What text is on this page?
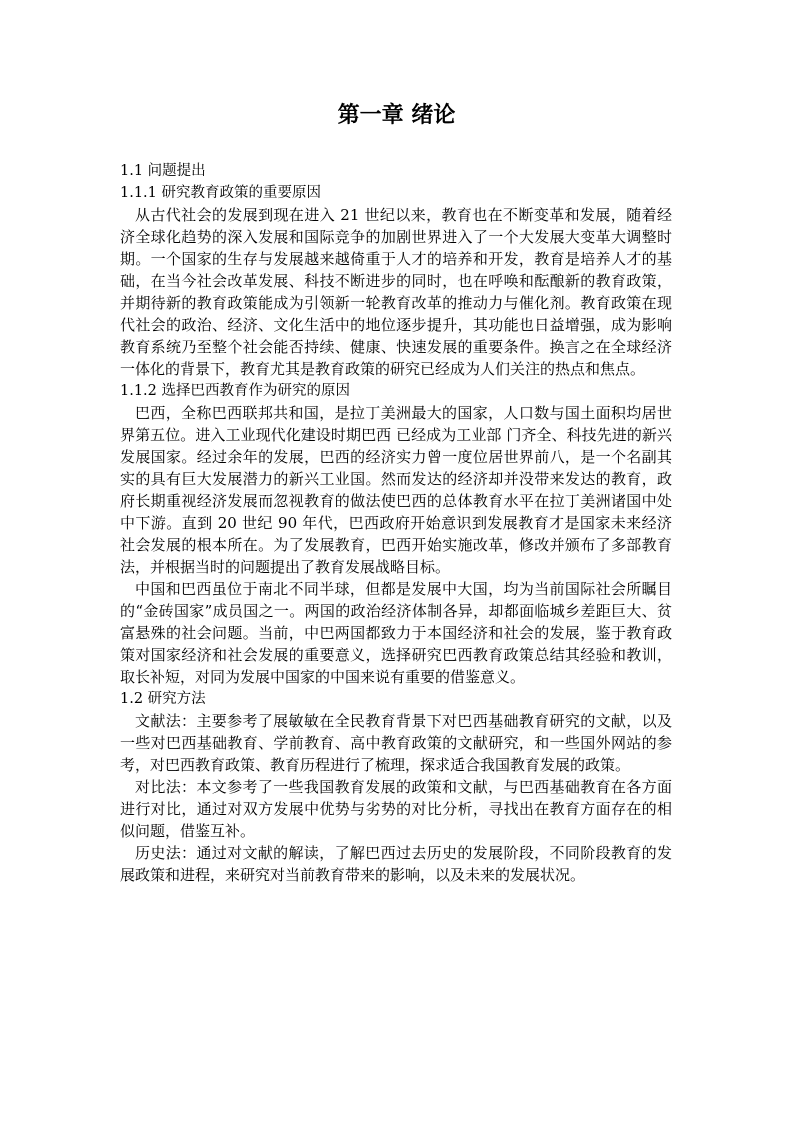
第一章 绪论

1.1 问题提出

1.1.1 研究教育政策的重要原因

从古代社会的发展到现在进入 21 世纪以来，教育也在不断变革和发展，随着经济全球化趋势的深入发展和国际竞争的加剧世界进入了一个大发展大变革大调整时期。一个国家的生存与发展越来越倚重于人才的培养和开发，教育是培养人才的基础，在当今社会改革发展、科技不断进步的同时，也在呼唤和酝酿新的教育政策，并期待新的教育政策能成为引领新一轮教育改革的推动力与催化剂。教育政策在现代社会的政治、经济、文化生活中的地位逐步提升，其功能也日益增强，成为影响教育系统乃至整个社会能否持续、健康、快速发展的重要条件。换言之在全球经济一体化的背景下，教育尤其是教育政策的研究已经成为人们关注的热点和焦点。

1.1.2 选择巴西教育作为研究的原因

巴西，全称巴西联邦共和国，是拉丁美洲最大的国家，人口数与国土面积均居世界第五位。进入工业现代化建设时期巴西 已经成为工业部 门齐全、科技先进的新兴发展国家。经过余年的发展，巴西的经济实力曾一度位居世界前八，是一个名副其实的具有巨大发展潜力的新兴工业国。然而发达的经济却并没带来发达的教育，政府长期重视经济发展而忽视教育的做法使巴西的总体教育水平在拉丁美洲诸国中处中下游。直到 20 世纪 90 年代，巴西政府开始意识到发展教育才是国家未来经济社会发展的根本所在。为了发展教育，巴西开始实施改革，修改并颁布了多部教育法，并根据当时的问题提出了教育发展战略目标。

中国和巴西虽位于南北不同半球，但都是发展中大国，均为当前国际社会所瞩目的“金砖国家”成员国之一。两国的政治经济体制各异，却都面临城乡差距巨大、贫富悬殊的社会问题。当前，中巴两国都致力于本国经济和社会的发展，鉴于教育政策对国家经济和社会发展的重要意义，选择研究巴西教育政策总结其经验和教训，取长补短，对同为发展中国家的中国来说有重要的借鉴意义。

1.2 研究方法

文献法：主要参考了展敏敏在全民教育背景下对巴西基础教育研究的文献，以及一些对巴西基础教育、学前教育、高中教育政策的文献研究，和一些国外网站的参考，对巴西教育政策、教育历程进行了梳理，探求适合我国教育发展的政策。

对比法：本文参考了一些我国教育发展的政策和文献，与巴西基础教育在各方面进行对比，通过对双方发展中优势与劣势的对比分析，寻找出在教育方面存在的相似问题，借鉴互补。

历史法：通过对文献的解读，了解巴西过去历史的发展阶段，不同阶段教育的发展政策和进程，来研究对当前教育带来的影响，以及未来的发展状况。
